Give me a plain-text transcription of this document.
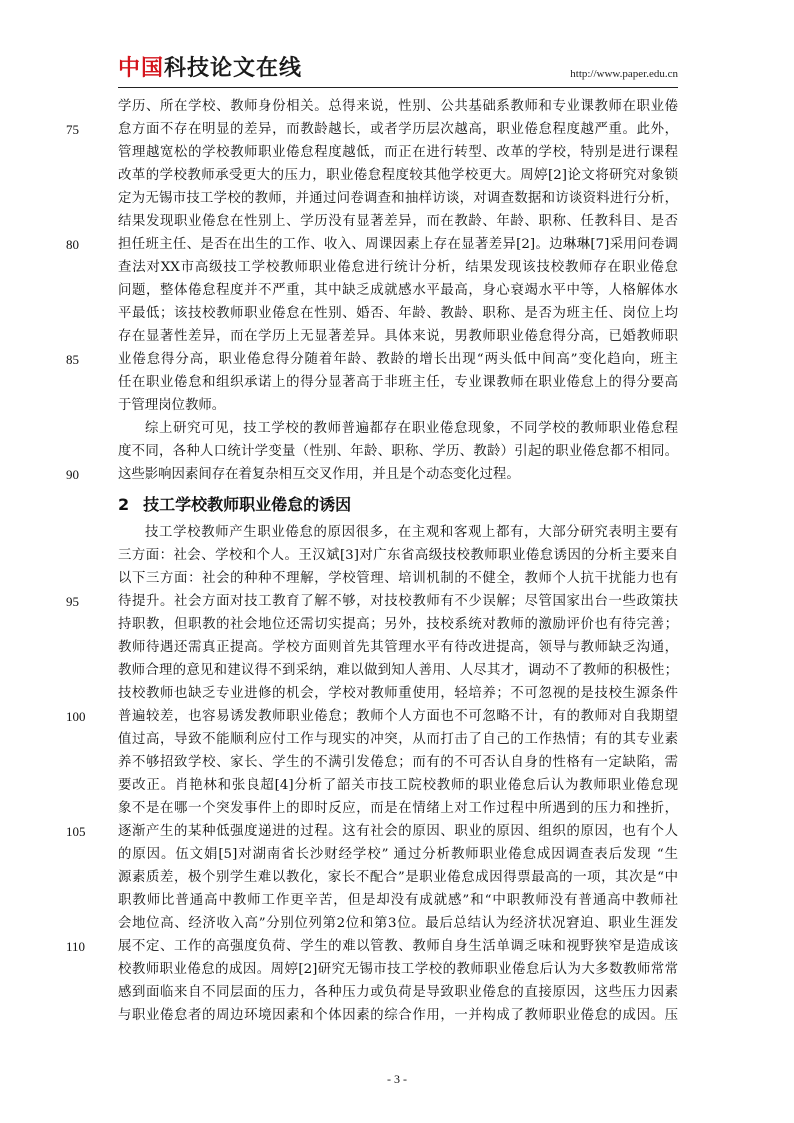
中国科技论文在线	http://www.paper.edu.cn
学历、所在学校、教师身份相关。总得来说，性别、公共基础系教师和专业课教师在职业倦
75	怠方面不存在明显的差异，而教龄越长，或者学历层次越高，职业倦怠程度越严重。此外，
管理越宽松的学校教师职业倦怠程度越低，而正在进行转型、改革的学校，特别是进行课程
改革的学校教师承受更大的压力，职业倦怠程度较其他学校更大。周婷[2]论文将研究对象锁
定为无锡市技工学校的教师，并通过问卷调查和抽样访谈，对调查数据和访谈资料进行分析，
结果发现职业倦怠在性别上、学历没有显著差异，而在教龄、年龄、职称、任教科目、是否
80	担任班主任、是否在出生的工作、收入、周课因素上存在显著差异[2]。边琳琳[7]采用问卷调
查法对XX市高级技工学校教师职业倦怠进行统计分析，结果发现该技校教师存在职业倦怠
问题，整体倦怠程度并不严重，其中缺乏成就感水平最高，身心衰竭水平中等，人格解体水
平最低；该技校教师职业倦怠在性别、婚否、年龄、教龄、职称、是否为班主任、岗位上均
存在显著性差异，而在学历上无显著差异。具体来说，男教师职业倦怠得分高，已婚教师职
85	业倦怠得分高，职业倦怠得分随着年龄、教龄的增长出现“两头低中间高”变化趋向，班主
任在职业倦怠和组织承诺上的得分显著高于非班主任，专业课教师在职业倦怠上的得分要高
于管理岗位教师。
综上研究可见，技工学校的教师普遍都存在职业倦怠现象，不同学校的教师职业倦怠程
度不同，各种人口统计学变量（性别、年龄、职称、学历、教龄）引起的职业倦怠都不相同。
90	这些影响因素间存在着复杂相互交叉作用，并且是个动态变化过程。
2 技工学校教师职业倦怠的诱因
技工学校教师产生职业倦怠的原因很多，在主观和客观上都有，大部分研究表明主要有
三方面：社会、学校和个人。王汉斌[3]对广东省高级技校教师职业倦怠诱因的分析主要来自
以下三方面：社会的种种不理解，学校管理、培训机制的不健全，教师个人抗干扰能力也有
95	待提升。社会方面对技工教育了解不够，对技校教师有不少误解；尽管国家出台一些政策扶
持职教，但职教的社会地位还需切实提高；另外，技校系统对教师的激励评价也有待完善；
教师待遇还需真正提高。学校方面则首先其管理水平有待改进提高，领导与教师缺乏沟通，
教师合理的意见和建议得不到采纳，难以做到知人善用、人尽其才，调动不了教师的积极性；
技校教师也缺乏专业进修的机会，学校对教师重使用，轻培养；不可忽视的是技校生源条件
100	普遍较差，也容易诱发教师职业倦怠；教师个人方面也不可忽略不计，有的教师对自我期望
值过高，导致不能顺利应付工作与现实的冲突，从而打击了自己的工作热情；有的其专业素
养不够招致学校、家长、学生的不满引发倦怠；而有的不可否认自身的性格有一定缺陷，需
要改正。肖艳林和张良超[4]分析了韶关市技工院校教师的职业倦怠后认为教师职业倦怠现
象不是在哪一个突发事件上的即时反应，而是在情绪上对工作过程中所遇到的压力和挫折，
105	逐渐产生的某种低强度递进的过程。这有社会的原因、职业的原因、组织的原因，也有个人
的原因。伍文娟[5]对湖南省长沙财经学校” 通过分析教师职业倦怠成因调查表后发现 “生
源素质差，极个别学生难以教化，家长不配合”是职业倦怠成因得票最高的一项，其次是“中
职教师比普通高中教师工作更辛苦，但是却没有成就感”和“中职教师没有普通高中教师社
会地位高、经济收入高”分别位列第2位和第3位。最后总结认为经济状况窘迫、职业生涯发
110	展不定、工作的高强度负荷、学生的难以管教、教师自身生活单调乏味和视野狭窄是造成该
校教师职业倦怠的成因。周婷[2]研究无锡市技工学校的教师职业倦怠后认为大多数教师常常
感到面临来自不同层面的压力，各种压力或负荷是导致职业倦怠的直接原因，这些压力因素
与职业倦怠者的周边环境因素和个体因素的综合作用，一并构成了教师职业倦怠的成因。压
- 3 -
